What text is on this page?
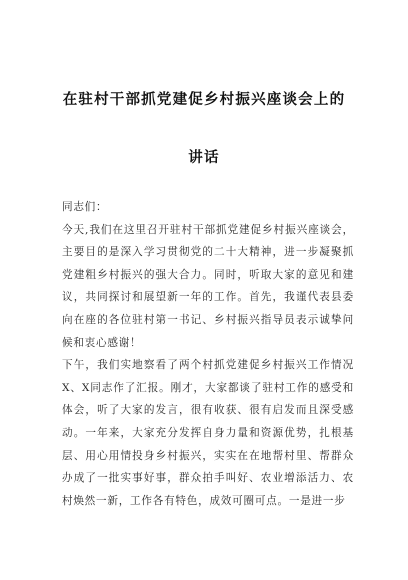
在驻村干部抓党建促乡村振兴座谈会上的
讲话

同志们：

今天,我们在这里召开驻村干部抓党建促乡村振兴座谈会，主要目的是深入学习贯彻党的二十大精神，进一步凝聚抓党建粗乡村振兴的强大合力。同时，听取大家的意见和建议，共同探讨和展望新一年的工作。首先，我谨代表县委向在座的各位驻村第一书记、乡村振兴指导员表示诚挚问候和衷心感谢！

下午，我们实地察看了两个村抓党建促乡村振兴工作情况X、X同志作了汇报。刚才，大家都谈了驻村工作的感受和体会，听了大家的发言，很有收获、很有启发而且深受感动。一年来，大家充分发挥自身力量和资源优势，扎根基层、用心用情投身乡村振兴，实实在在地帮村里、帮群众办成了一批实事好事，群众拍手叫好、农业增添活力、农村焕然一新，工作各有特色，成效可圈可点。一是进一步
